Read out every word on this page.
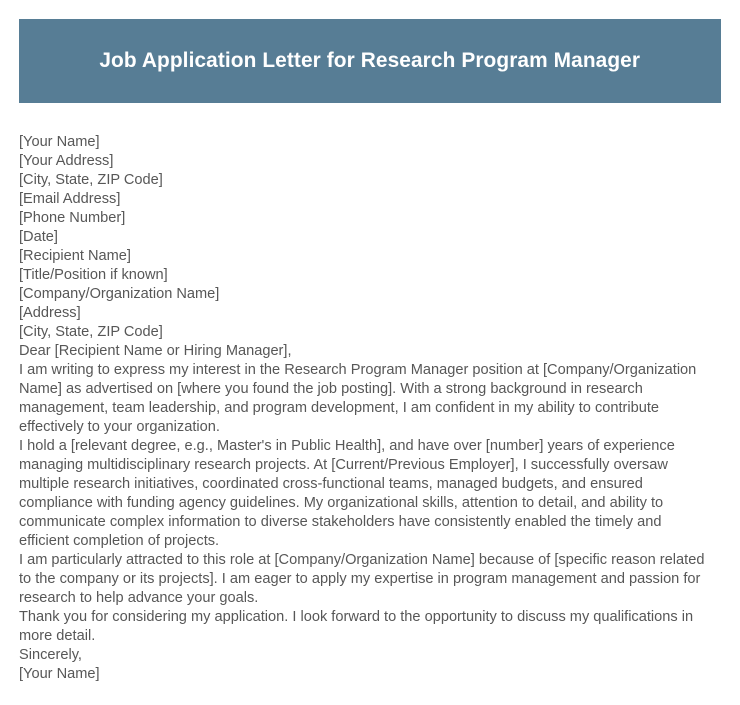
Job Application Letter for Research Program Manager
[Your Name]
[Your Address]
[City, State, ZIP Code]
[Email Address]
[Phone Number]
[Date]
[Recipient Name]
[Title/Position if known]
[Company/Organization Name]
[Address]
[City, State, ZIP Code]
Dear [Recipient Name or Hiring Manager],

I am writing to express my interest in the Research Program Manager position at [Company/Organization Name] as advertised on [where you found the job posting]. With a strong background in research management, team leadership, and program development, I am confident in my ability to contribute effectively to your organization.

I hold a [relevant degree, e.g., Master's in Public Health], and have over [number] years of experience managing multidisciplinary research projects. At [Current/Previous Employer], I successfully oversaw multiple research initiatives, coordinated cross-functional teams, managed budgets, and ensured compliance with funding agency guidelines. My organizational skills, attention to detail, and ability to communicate complex information to diverse stakeholders have consistently enabled the timely and efficient completion of projects.

I am particularly attracted to this role at [Company/Organization Name] because of [specific reason related to the company or its projects]. I am eager to apply my expertise in program management and passion for research to help advance your goals.

Thank you for considering my application. I look forward to the opportunity to discuss my qualifications in more detail.

Sincerely,
[Your Name]
